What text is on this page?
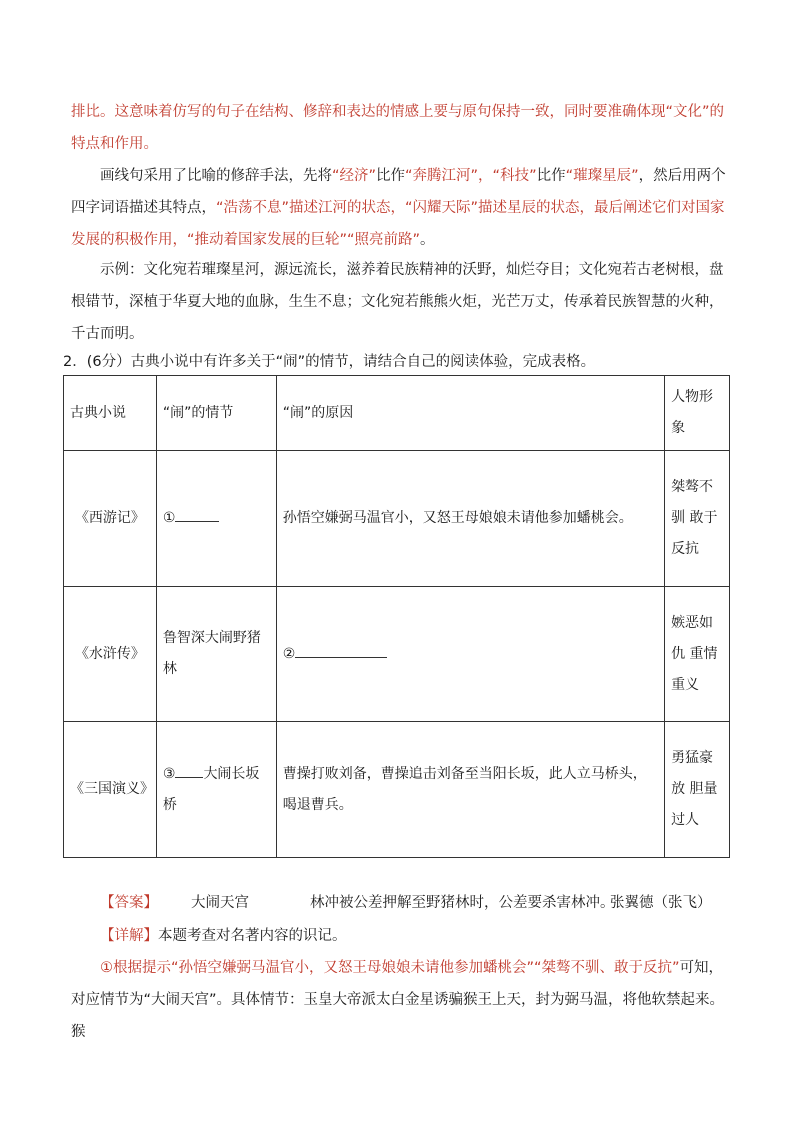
排比。这意味着仿写的句子在结构、修辞和表达的情感上要与原句保持一致，同时要准确体现“文化”的
特点和作用。

画线句采用了比喻的修辞手法，先将“经济”比作“奔腾江河”，“科技”比作“璀璨星辰”，然后用两个四字词语描述其特点，“浩荡不息”描述江河的状态，“闪耀天际”描述星辰的状态，最后阐述它们对国家发展的积极作用，“推动着国家发展的巨轮”“照亮前路”。

示例：文化宛若璀璨星河，源远流长，滋养着民族精神的沃野，灿烂夺目；文化宛若古老树根，盘根错节，深植于华夏大地的血脉，生生不息；文化宛若熊熊火炬，光芒万丈，传承着民族智慧的火种，千古而明。

2．(6分）古典小说中有许多关于“闹”的情节，请结合自己的阅读体验，完成表格。

古典小说	“闹”的情节	“闹”的原因	人物形象
《西游记》	①	孙悟空嫌弼马温官小，又怒王母娘娘未请他参加蟠桃会。	桀骜不驯 敢于反抗
《水浒传》	鲁智深大闹野猪林	②	嫉恶如仇 重情重义
《三国演义》	③ 大闹长坂桥	曹操打败刘备，曹操追击刘备至当阳长坂，此人立马桥头，喝退曹兵。	勇猛豪放 胆量过人
【答案】 大闹天宫	林冲被公差押解至野猪林时，公差要杀害林冲。
张翼德（张飞）

【详解】本题考查对名著内容的识记。

①根据提示“孙悟空嫌弼马温官小，又怒王母娘娘未请他参加蟠桃会”“桀骜不驯、敢于反抗”可知，对应情节为“大闹天宫”。具体情节：玉皇大帝派太白金星诱骗猴王上天，封为弼马温，将他软禁起来。猴
